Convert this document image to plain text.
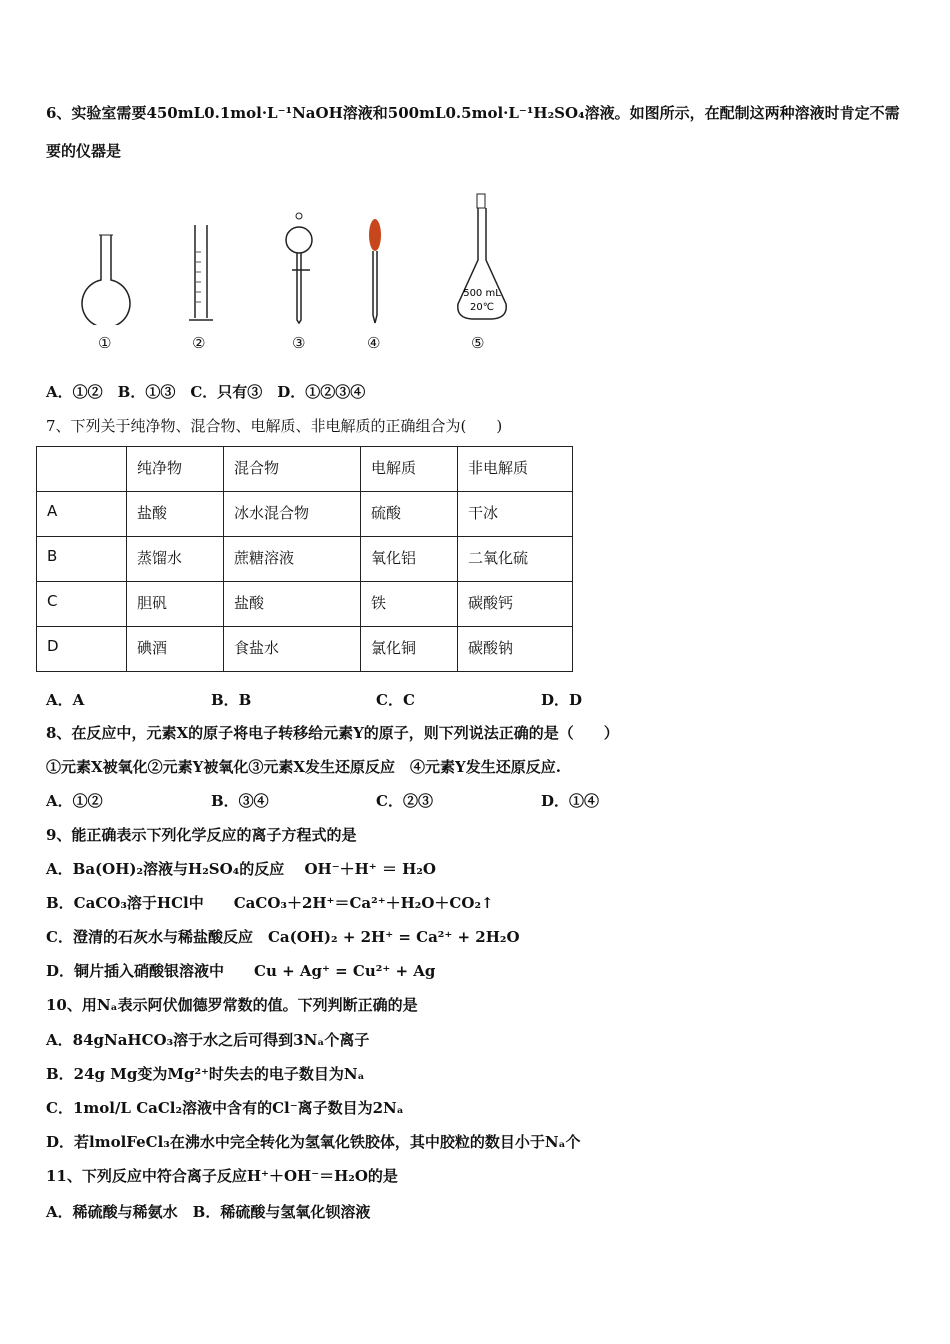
6、实验室需要450mL0.1mol·L⁻¹NaOH溶液和500mL0.5mol·L⁻¹H₂SO₄溶液。如图所示，在配制这两种溶液时肯定不需
要的仪器是
500 mL
20℃
①	②	③	④	⑤
A．①②　B．①③　C．只有③　D．①②③④
7、下列关于纯净物、混合物、电解质、非电解质的正确组合为(　　)
	纯净物	混合物	电解质	非电解质
A	盐酸	冰水混合物	硫酸	干冰
B	蒸馏水	蔗糖溶液	氧化铝	二氧化硫
C	胆矾	盐酸	铁	碳酸钙
D	碘酒	食盐水	氯化铜	碳酸钠
A．A	B．B	C．C	D．D
8、在反应中，元素X的原子将电子转移给元素Y的原子，则下列说法正确的是（　　）
①元素X被氧化②元素Y被氧化③元素X发生还原反应　④元素Y发生还原反应.
A．①②	B．③④	C．②③	D．①④
9、能正确表示下列化学反应的离子方程式的是
A．Ba(OH)₂溶液与H₂SO₄的反应　 OH⁻＋H⁺ ＝ H₂O
B．CaCO₃溶于HCl中　　CaCO₃＋2H⁺＝Ca²⁺＋H₂O＋CO₂↑
C．澄清的石灰水与稀盐酸反应　Ca(OH)₂ + 2H⁺ = Ca²⁺ + 2H₂O
D．铜片插入硝酸银溶液中　　Cu + Ag⁺ = Cu²⁺ + Ag
10、用Nₐ表示阿伏伽德罗常数的值。下列判断正确的是
A．84gNaHCO₃溶于水之后可得到3Nₐ个离子
B．24g Mg变为Mg²⁺时失去的电子数目为Nₐ
C．1mol/L CaCl₂溶液中含有的Cl⁻离子数目为2Nₐ
D．若lmolFeCl₃在沸水中完全转化为氢氧化铁胶体，其中胶粒的数目小于Nₐ个
11、下列反应中符合离子反应H⁺＋OH⁻＝H₂O的是
A．稀硫酸与稀氨水　B．稀硫酸与氢氧化钡溶液
